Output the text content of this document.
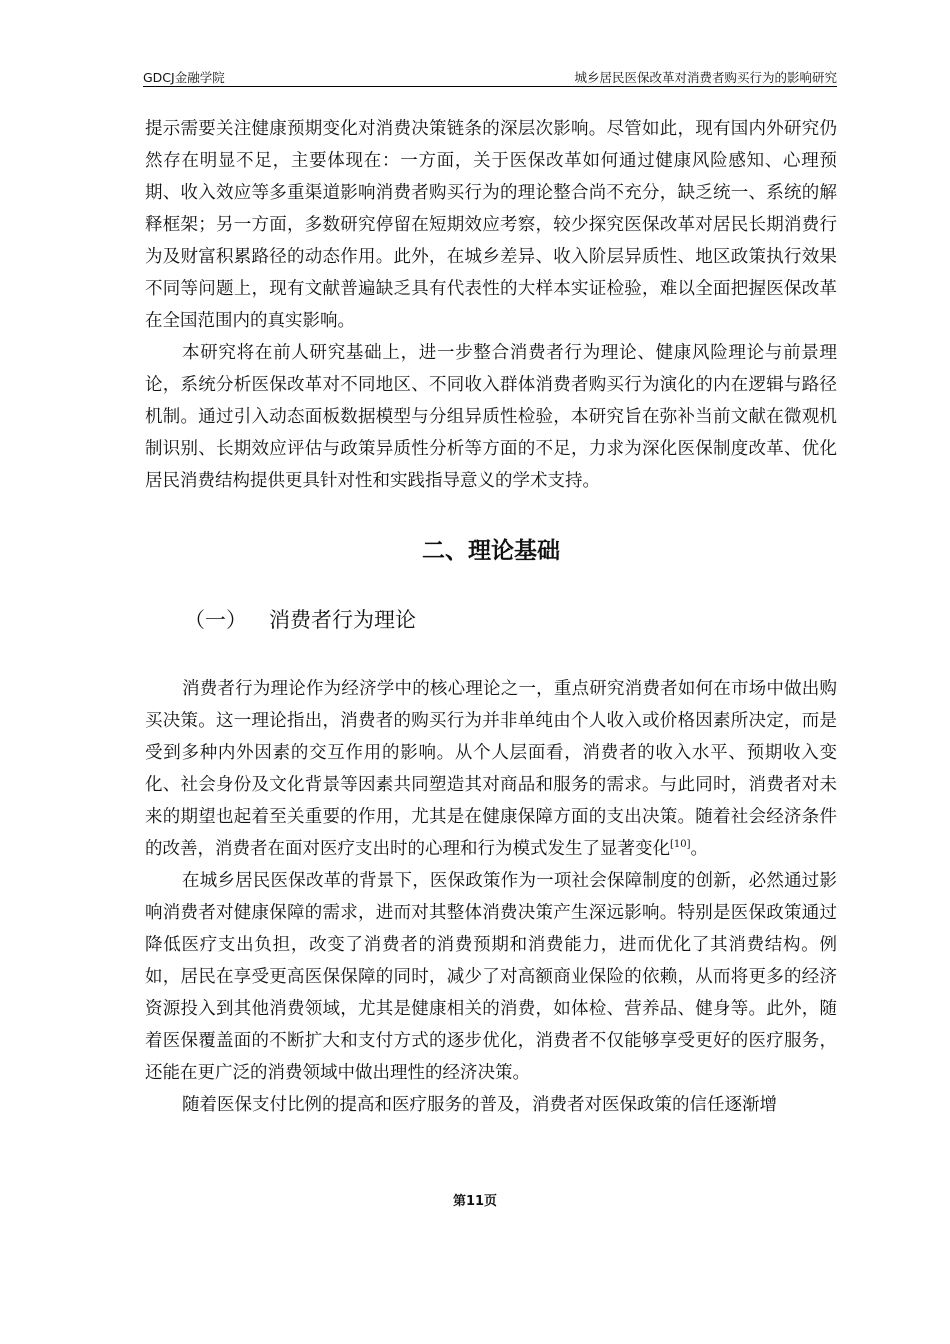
GDCJ金融学院	城乡居民医保改革对消费者购买行为的影响研究

提示需要关注健康预期变化对消费决策链条的深层次影响。尽管如此，现有国内外研究仍然存在明显不足，主要体现在：一方面，关于医保改革如何通过健康风险感知、心理预期、收入效应等多重渠道影响消费者购买行为的理论整合尚不充分，缺乏统一、系统的解释框架；另一方面，多数研究停留在短期效应考察，较少探究医保改革对居民长期消费行为及财富积累路径的动态作用。此外，在城乡差异、收入阶层异质性、地区政策执行效果不同等问题上，现有文献普遍缺乏具有代表性的大样本实证检验，难以全面把握医保改革在全国范围内的真实影响。

本研究将在前人研究基础上，进一步整合消费者行为理论、健康风险理论与前景理论，系统分析医保改革对不同地区、不同收入群体消费者购买行为演化的内在逻辑与路径机制。通过引入动态面板数据模型与分组异质性检验，本研究旨在弥补当前文献在微观机制识别、长期效应评估与政策异质性分析等方面的不足，力求为深化医保制度改革、优化居民消费结构提供更具针对性和实践指导意义的学术支持。

二、理论基础
（一） 消费者行为理论

消费者行为理论作为经济学中的核心理论之一，重点研究消费者如何在市场中做出购买决策。这一理论指出，消费者的购买行为并非单纯由个人收入或价格因素所决定，而是受到多种内外因素的交互作用的影响。从个人层面看，消费者的收入水平、预期收入变化、社会身份及文化背景等因素共同塑造其对商品和服务的需求。与此同时，消费者对未来的期望也起着至关重要的作用，尤其是在健康保障方面的支出决策。随着社会经济条件的改善，消费者在面对医疗支出时的心理和行为模式发生了显著变化[10]。

在城乡居民医保改革的背景下，医保政策作为一项社会保障制度的创新，必然通过影响消费者对健康保障的需求，进而对其整体消费决策产生深远影响。特别是医保政策通过降低医疗支出负担，改变了消费者的消费预期和消费能力，进而优化了其消费结构。例如，居民在享受更高医保保障的同时，减少了对高额商业保险的依赖，从而将更多的经济资源投入到其他消费领域，尤其是健康相关的消费，如体检、营养品、健身等。此外，随着医保覆盖面的不断扩大和支付方式的逐步优化，消费者不仅能够享受更好的医疗服务，还能在更广泛的消费领域中做出理性的经济决策。

随着医保支付比例的提高和医疗服务的普及，消费者对医保政策的信任逐渐增

第11页
